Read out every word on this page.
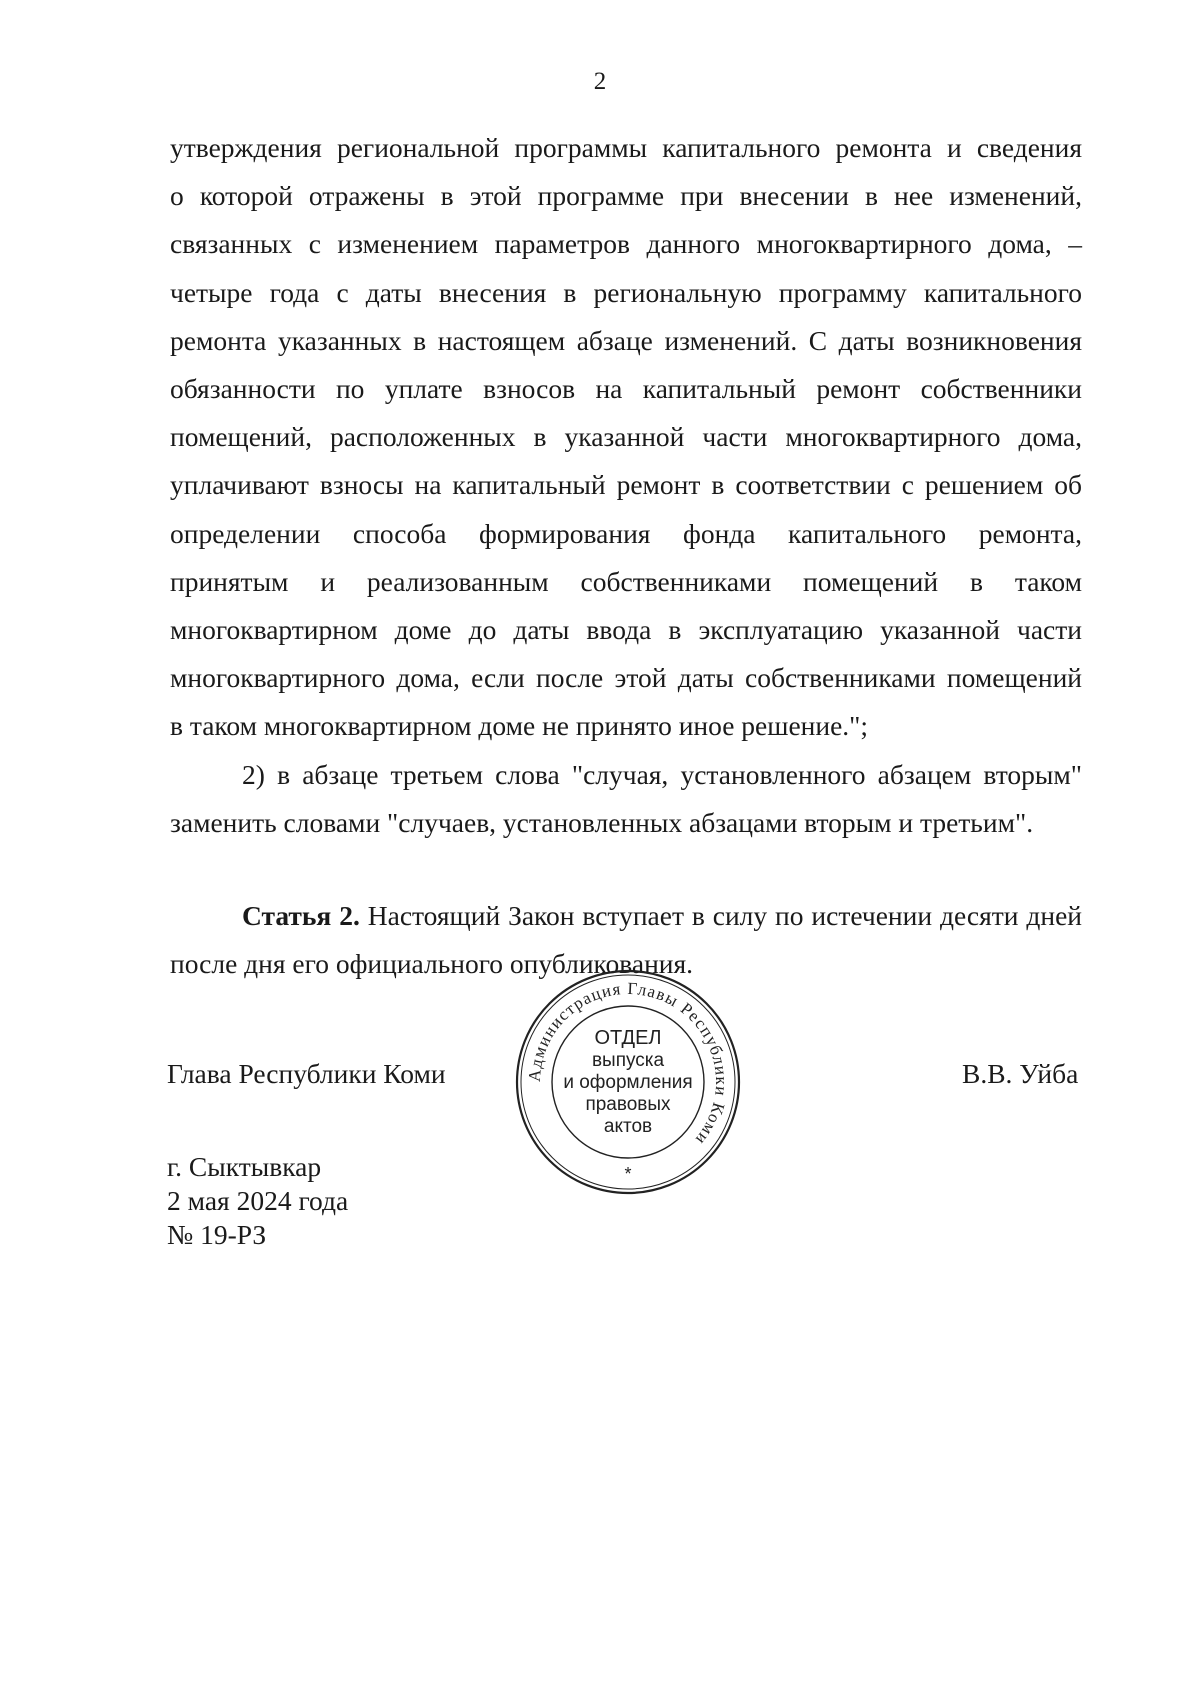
2
утверждения региональной программы капитального ремонта и сведения
о которой отражены в этой программе при внесении в нее изменений,
связанных с изменением параметров данного многоквартирного дома, –
четыре года с даты внесения в региональную программу капитального
ремонта указанных в настоящем абзаце изменений. С даты возникновения
обязанности по уплате взносов на капитальный ремонт собственники
помещений, расположенных в указанной части многоквартирного дома,
уплачивают взносы на капитальный ремонт в соответствии с решением об
определении способа формирования фонда капитального ремонта,
принятым и реализованным собственниками помещений в таком
многоквартирном доме до даты ввода в эксплуатацию указанной части
многоквартирного дома, если после этой даты собственниками помещений
в таком многоквартирном доме не принято иное решение.";
2) в абзаце третьем слова "случая, установленного абзацем вторым"
заменить словами "случаев, установленных абзацами вторым и третьим".
Статья 2. Настоящий Закон вступает в силу по истечении десяти дней
после дня его официального опубликования.
Глава Республики Коми	В.В. Уйба
г. Сыктывкар
2 мая 2024 года
№ 19-РЗ
Администрация Главы Республики Коми
ОТДЕЛ
выпуска
и оформления
правовых
актов
*
